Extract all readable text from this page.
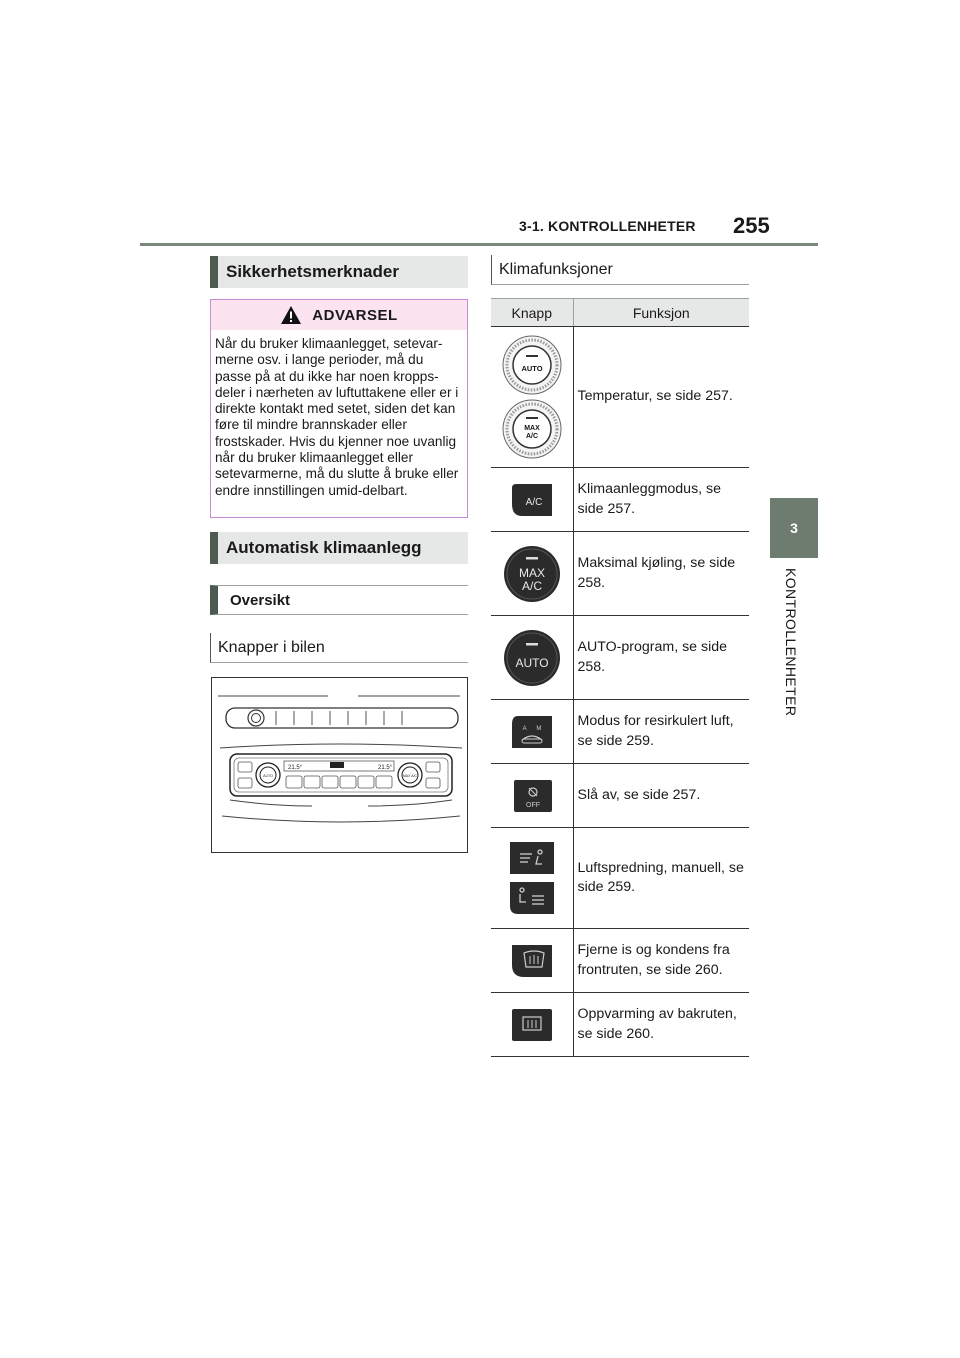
3-1. KONTROLLENHETER 255
3
KONTROLLENHETER
Sikkerhetsmerknader
ADVARSEL
Når du bruker klimaanlegget, setevar-merne osv. i lange perioder, må du passe på at du ikke har noen kropps-deler i nærheten av luftuttakene eller er i direkte kontakt med setet, siden det kan føre til mindre brannskader eller frostskader. Hvis du kjenner noe uvanlig når du bruker klimaanlegget eller setevarmerne, må du slutte å bruke eller endre innstillingen umid-delbart.
Automatisk klimaanlegg
Oversikt
Knapper i bilen
AUTO	MAX A/C
21.5°	21.5°
Klimafunksjoner
Knapp	Funksjon

AUTO
MAX
A/C	Temperatur, se side 257.

A/C	Klimaanleggmodus, se side 257.

MAX
A/C	Maksimal kjøling, se side 258.

AUTO	AUTO-program, se side 258.

A      M	Modus for resirkulert luft, se side 259.

OFF	Slå av, se side 257.

	Luftspredning, manuell, se side 259.

	Fjerne is og kondens fra frontruten, se side 260.

	Oppvarming av bakruten, se side 260.
